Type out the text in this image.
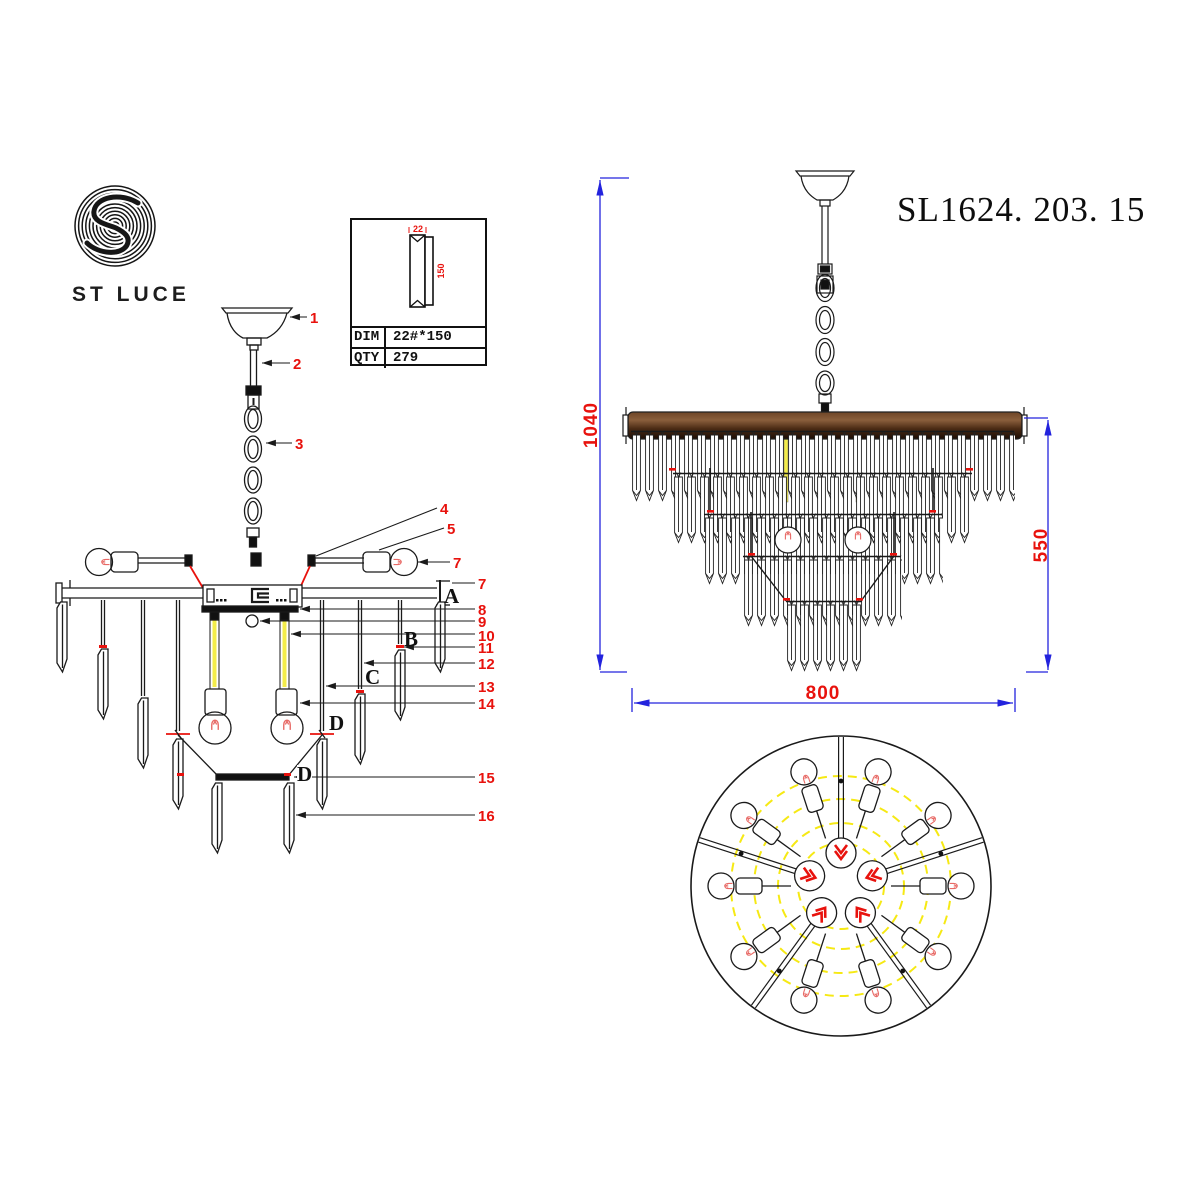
ST LUCE
SL1624. 203. 15
22
150
DIM 22#*150
QTY 279
1
2
3
4
5
7
7
8
9
10
11
12
13
14
15
16
A
B
C
D
D
1040
550
800
